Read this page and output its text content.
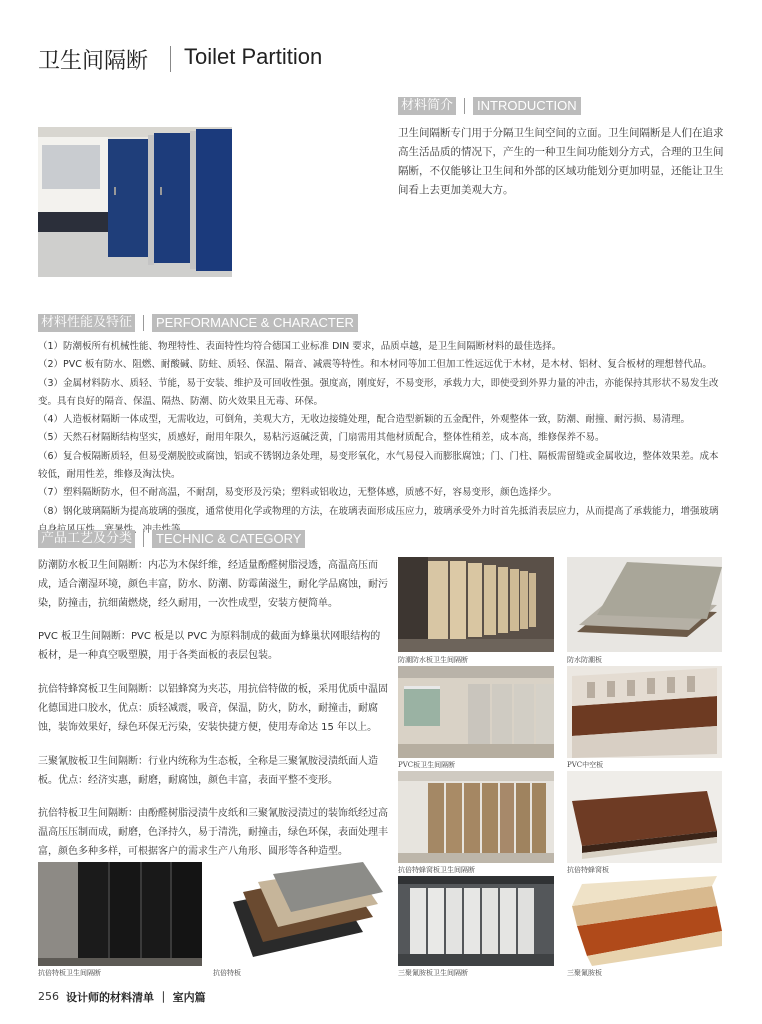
卫生间隔断 Toilet Partition
材料简介	INTRODUCTION
卫生间隔断专门用于分隔卫生间空间的立面。卫生间隔断是人们在追求高生活品质的情况下，产生的一种卫生间功能划分方式，合理的卫生间隔断，不仅能够让卫生间和外部的区域功能划分更加明显，还能让卫生间看上去更加美观大方。
材料性能及特征	PERFORMANCE & CHARACTER

（1）防潮板所有机械性能、物理特性、表面特性均符合德国工业标准 DIN 要求，品质卓越，是卫生间隔断材料的最佳选择。

（2）PVC 板有防水、阻燃、耐酸碱、防蛀、质轻、保温、隔音、减震等特性。和木材同等加工但加工性远远优于木材，是木材、铝材、复合板材的理想替代品。

（3）金属材料防水、质轻、节能，易于安装、维护及可回收性强。强度高，刚度好，不易变形，承载力大，即使受到外界力量的冲击，亦能保持其形状不易发生改变。具有良好的隔音、保温、隔热、防潮、防火效果且无毒、环保。

（4）人造板材隔断一体成型，无需收边，可倒角，美观大方，无收边接缝处理，配合造型新颖的五金配件，外观整体一致，防潮、耐撞、耐污损、易清理。

（5）天然石材隔断结构坚实，质感好，耐用年限久，易粘污返碱泛黄，门扇需用其他材质配合，整体性稍差，成本高，维修保养不易。

（6）复合板隔断质轻，但易受潮脱胶或腐蚀，铝或不锈钢边条处理，易变形氧化，水气易侵入而膨胀腐蚀；门、门柱、隔板需留缝或金属收边，整体效果差。成本较低，耐用性差，维修及淘汰快。

（7）塑料隔断防水，但不耐高温，不耐刮，易变形及污染；塑料或铝收边，无整体感，质感不好，容易变形，颜色选择少。

（8）钢化玻璃隔断为提高玻璃的强度，通常使用化学或物理的方法，在玻璃表面形成压应力，玻璃承受外力时首先抵消表层应力，从而提高了承载能力，增强玻璃 性、寒暑性、冲击性等。

产品工艺及分类	TECHNIC & CATEGORY

防潮防水板卫生间隔断：内芯为木保纤维，经适量酚醛树脂浸透，高温高压而成，适合潮湿环境，颜色丰富，防水、防潮、防霉菌滋生，耐化学品腐蚀，耐污染，防撞击，抗细菌燃烧，经久耐用，一次性成型，安装方便简单。

PVC 板卫生间隔断：PVC 板是以 PVC 为原料制成的截面为蜂巢状网眼结构的板材，是一种真空吸塑膜，用于各类面板的表层包装。

抗倍特蜂窝板卫生间隔断：以铝蜂窝为夹芯，用抗倍特做的板，采用优质中温固化德国进口胶水，优点：质轻减震，吸音，保温，防火，防水，耐撞击，耐腐蚀，装饰效果好，绿色环保无污染，安装快捷方便，使用寿命达 15 年以上。

三聚氰胺板卫生间隔断：行业内统称为生态板，全称是三聚氰胺浸渍纸面人造板。优点：经济实惠，耐磨，耐腐蚀，颜色丰富，表面平整不变形。

抗倍特板卫生间隔断：由酚醛树脂浸渍牛皮纸和三聚氰胺浸渍过的装饰纸经过高温高压压制而成，耐磨，色泽持久，易于清洗，耐撞击，绿色环保，表面处理丰富，颜色多种多样，可根据客户的需求生产八角形、圆形等各种造型。

防潮防水板卫生间隔断	防水防潮板
PVC板卫生间隔断	PVC中空板
抗倍特蜂窝板卫生间隔断	抗倍特蜂窝板
抗倍特板卫生间隔断	抗倍特板	三聚氰胺板卫生间隔断	三聚氰胺板
256 设计师的材料清单 ｜ 室内篇
